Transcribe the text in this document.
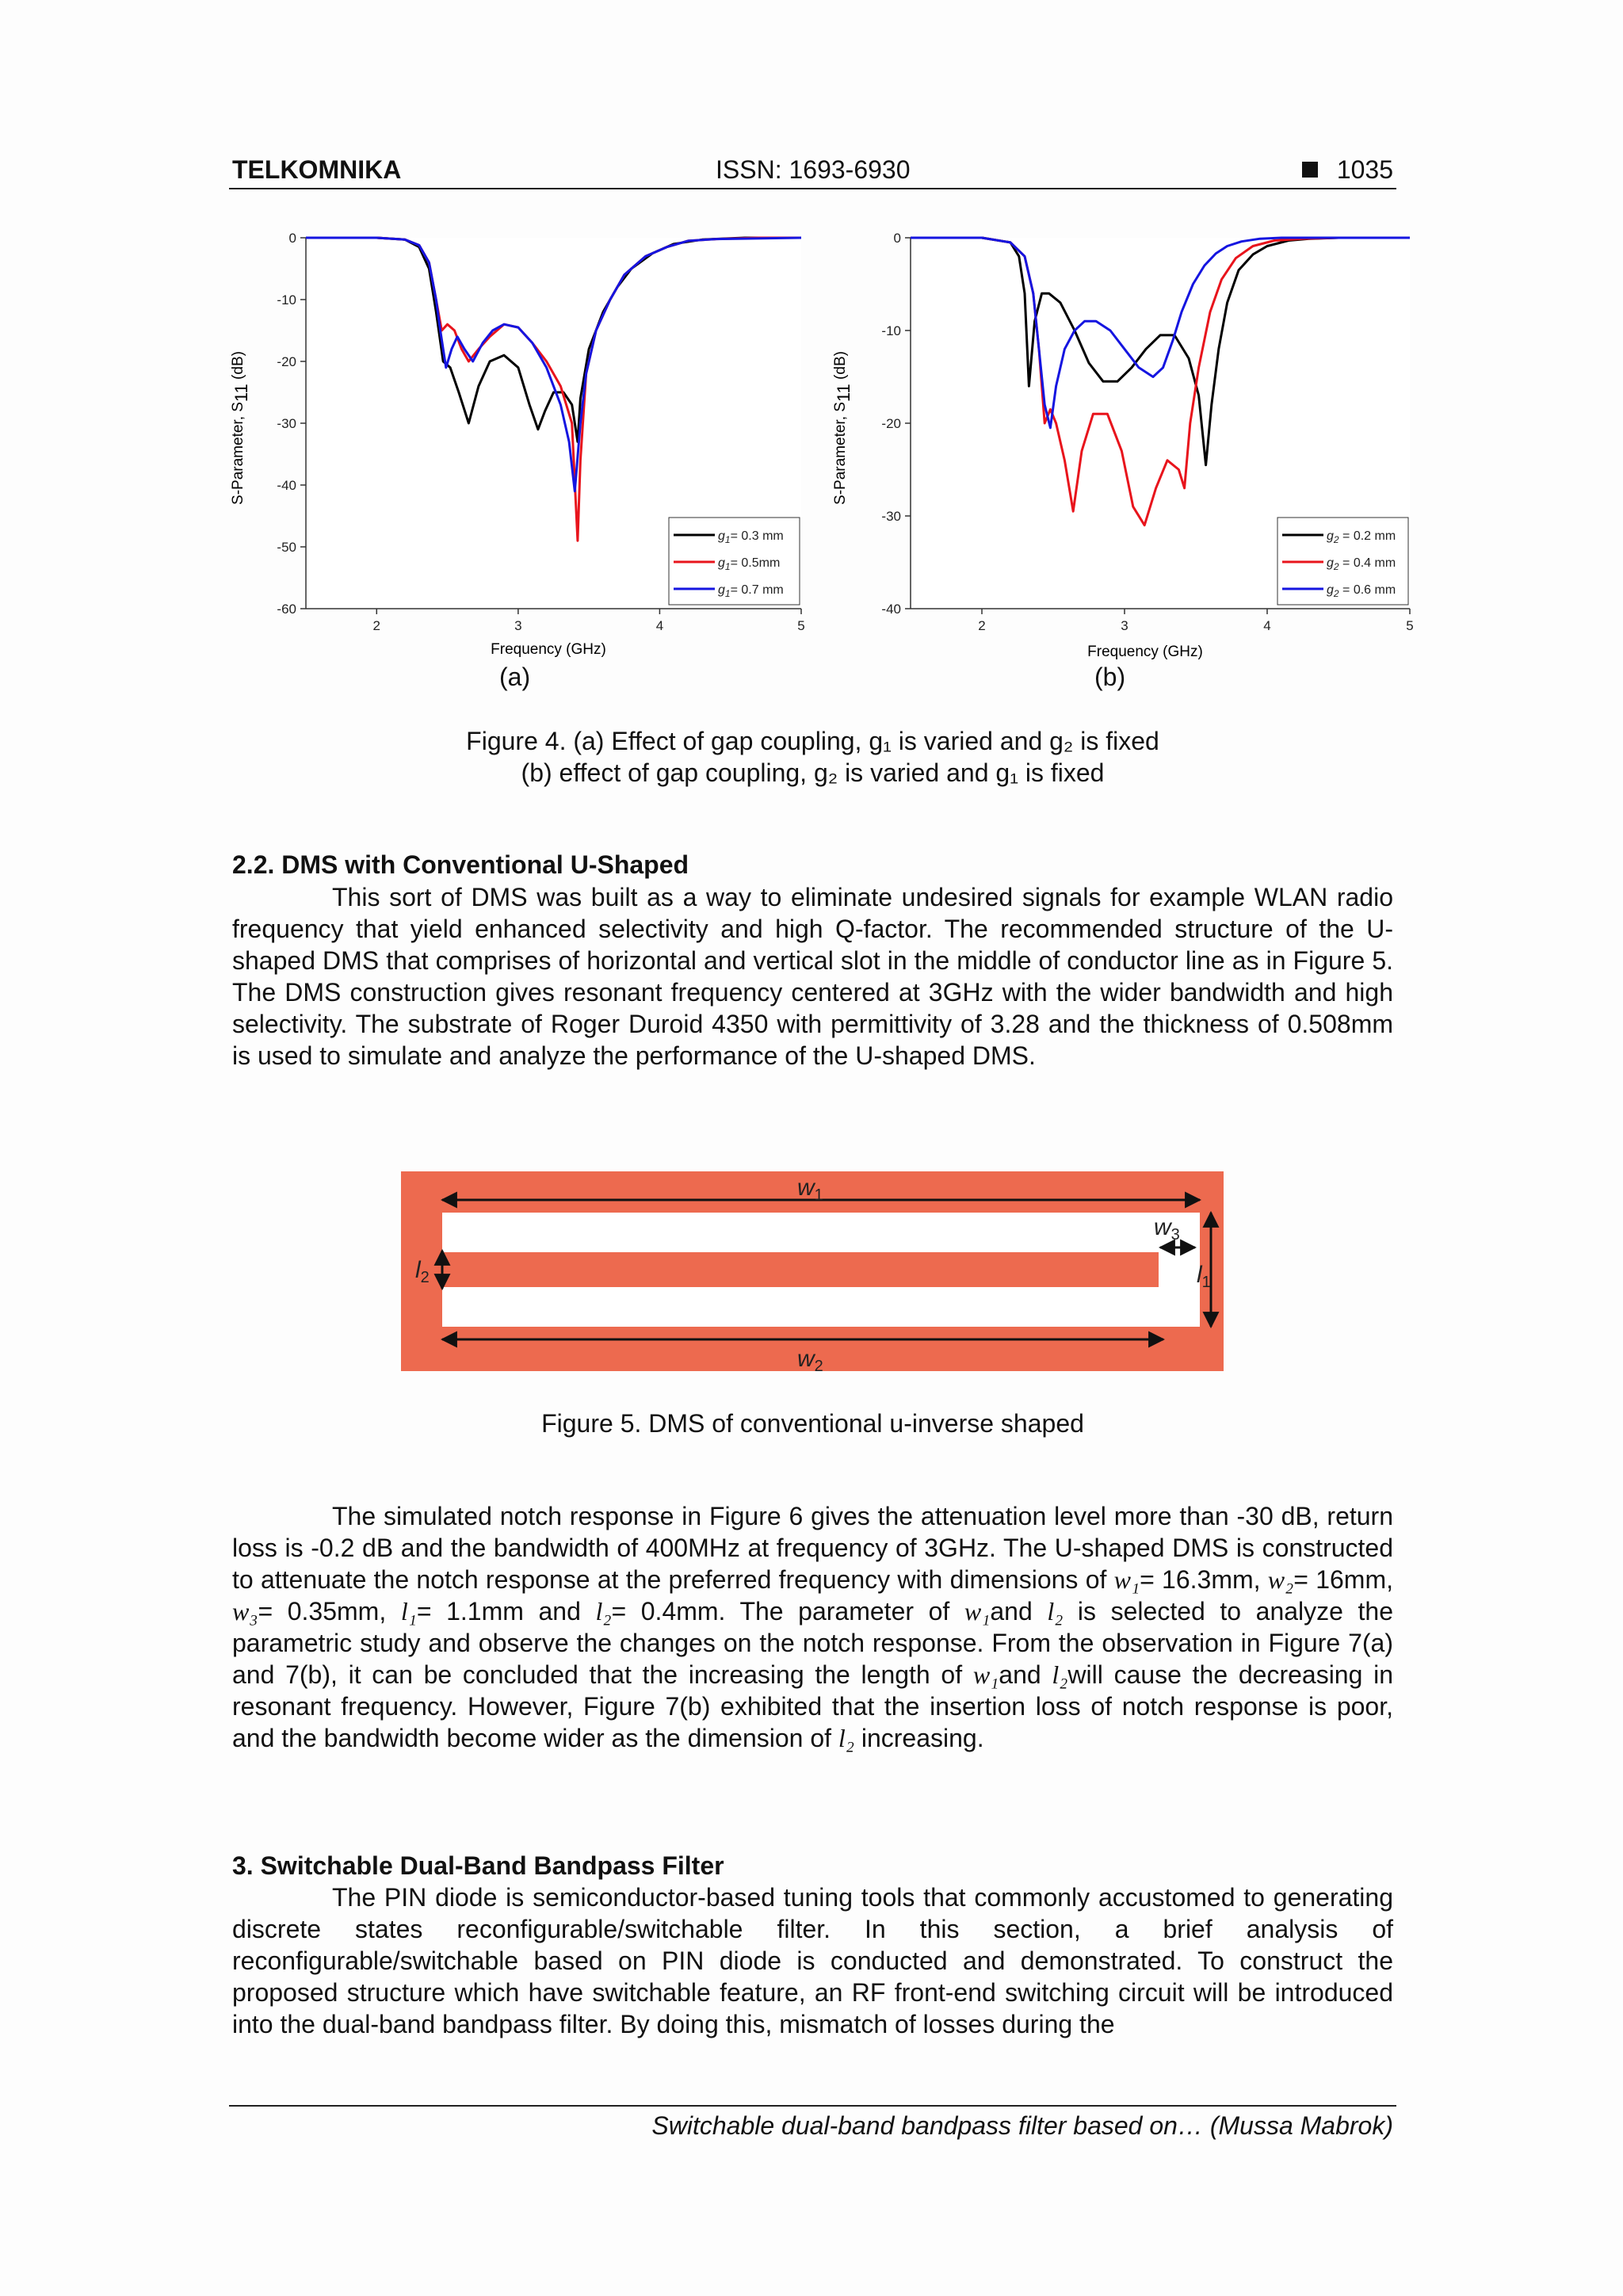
TELKOMNIKA	ISSN: 1693-6930	1035
2	3	4	5
0
-10
-20
-30
-40
-50
-60
$g_1= 0.3$ mm
$g_1= 0.5mm$
$g_1= 0.7$ mm
S-Parameter, S11 (dB)
Frequency (GHz)
2	3	4	5
0
-10
-20
-30
-40
$g_2 = 0.2$ mm
$g_2 = 0.4$ mm
$g_2 = 0.6$ mm
S-Parameter, S11 (dB)
Frequency (GHz)
(a)	(b)
Figure 4. (a) Effect of gap coupling, g₁ is varied and g₂ is fixed
(b) effect of gap coupling, g₂ is varied and g₁ is fixed
2.2. DMS with Conventional U-Shaped

This sort of DMS was built as a way to eliminate undesired signals for example WLAN radio frequency that yield enhanced selectivity and high Q-factor. The recommended structure of the U-shaped DMS that comprises of horizontal and vertical slot in the middle of conductor line as in Figure 5. The DMS construction gives resonant frequency centered at 3GHz with the wider bandwidth and high selectivity. The substrate of Roger Duroid 4350 with permittivity of 3.28 and the thickness of 0.508mm is used to simulate and analyze the performance of the U-shaped DMS.

$w_1$
$w_2$
$w_3$
$l_1$
$l_2$
Figure 5. DMS of conventional u-inverse shaped

The simulated notch response in Figure 6 gives the attenuation level more than -30 dB, return loss is -0.2 dB and the bandwidth of 400MHz at frequency of 3GHz. The U-shaped DMS is constructed to attenuate the notch response at the preferred frequency with dimensions of w₁= 16.3mm, w₂= 16mm, w₃= 0.35mm, l₁= 1.1mm and l₂= 0.4mm. The parameter of w₁and l₂ is selected to analyze the parametric study and observe the changes on the notch response. From the observation in Figure 7(a) and 7(b), it can be concluded that the increasing the length of w₁and l₂will cause the decreasing in resonant frequency. However, Figure 7(b) exhibited that the insertion loss of notch response is poor, and the bandwidth become wider as the dimension of l₂ increasing.

3. Switchable Dual-Band Bandpass Filter

The PIN diode is semiconductor-based tuning tools that commonly accustomed to generating discrete states reconfigurable/switchable filter. In this section, a brief analysis of reconfigurable/switchable based on PIN diode is conducted and demonstrated. To construct the proposed structure which have switchable feature, an RF front-end switching circuit will be introduced into the dual-band bandpass filter. By doing this, mismatch of losses during the

Switchable dual-band bandpass filter based on… (Mussa Mabrok)
